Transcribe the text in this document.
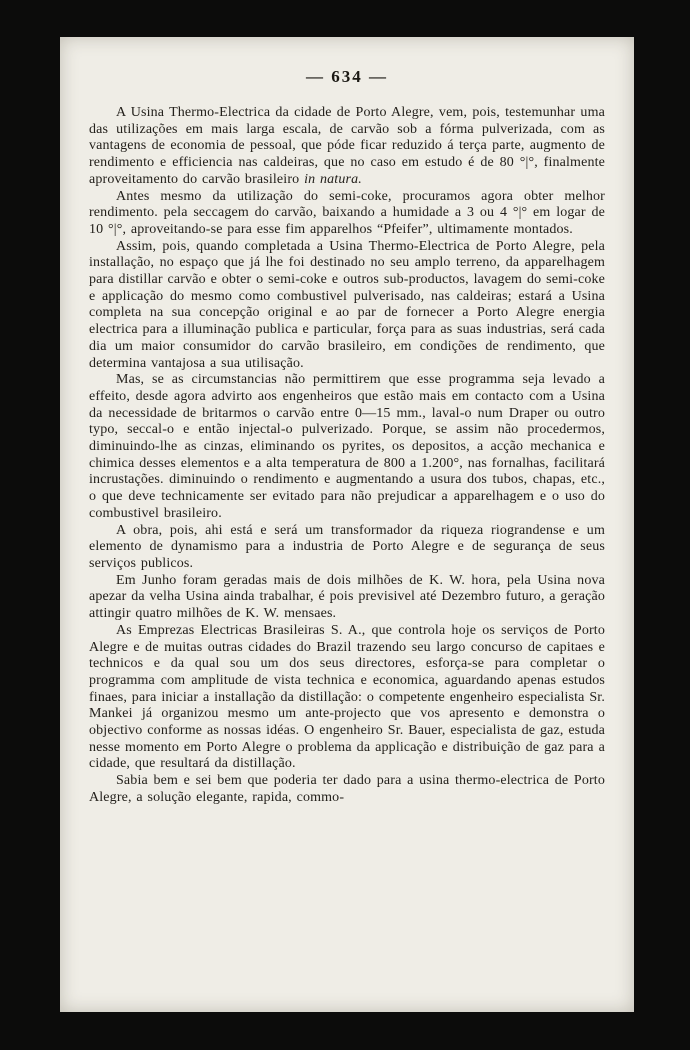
— 634 —

A Usina Thermo-Electrica da cidade de Porto Alegre, vem, pois, testemunhar uma das utilizações em mais larga escala, de carvão sob a fórma pulverizada, com as vantagens de economia de pessoal, que póde ficar reduzido á terça parte, augmento de rendimento e efficiencia nas caldeiras, que no caso em estudo é de 80 °|°, finalmente aproveitamento do carvão brasileiro in natura.

Antes mesmo da utilização do semi-coke, procuramos agora obter melhor rendimento. pela seccagem do carvão, baixando a humidade a 3 ou 4 °|° em logar de 10 °|°, aproveitando-se para esse fim apparelhos “Pfeifer”, ultimamente montados.

Assim, pois, quando completada a Usina Thermo-Electrica de Porto Alegre, pela installação, no espaço que já lhe foi destinado no seu amplo terreno, da apparelhagem para distillar carvão e obter o semi-coke e outros sub-productos, lavagem do semi-coke e applicação do mesmo como combustivel pulverisado, nas caldeiras; estará a Usina completa na sua concepção original e ao par de fornecer a Porto Alegre energia electrica para a illuminação publica e particular, força para as suas industrias, será cada dia um maior consumidor do carvão brasileiro, em condições de rendimento, que determina vantajosa a sua utilisação.

Mas, se as circumstancias não permittirem que esse programma seja levado a effeito, desde agora advirto aos engenheiros que estão mais em contacto com a Usina da necessidade de britarmos o carvão entre 0—15 mm., laval-o num Draper ou outro typo, seccal-o e então injectal-o pulverizado. Porque, se assim não procedermos, diminuindo-lhe as cinzas, eliminando os pyrites, os depositos, a acção mechanica e chimica desses elementos e a alta temperatura de 800 a 1.200°, nas fornalhas, facilitará incrustações. diminuindo o rendimento e augmentando a usura dos tubos, chapas, etc., o que deve technicamente ser evitado para não prejudicar a apparelhagem e o uso do combustivel brasileiro.

A obra, pois, ahi está e será um transformador da riqueza riograndense e um elemento de dynamismo para a industria de Porto Alegre e de segurança de seus serviços publicos.

Em Junho foram geradas mais de dois milhões de K. W. hora, pela Usina nova apezar da velha Usina ainda trabalhar, é pois previsivel até Dezembro futuro, a geração attingir quatro milhões de K. W. mensaes.

As Emprezas Electricas Brasileiras S. A., que controla hoje os serviços de Porto Alegre e de muitas outras cidades do Brazil trazendo seu largo concurso de capitaes e technicos e da qual sou um dos seus directores, esforça-se para completar o programma com amplitude de vista technica e economica, aguardando apenas estudos finaes, para iniciar a installação da distillação: o competente engenheiro especialista Sr. Mankei já organizou mesmo um ante-projecto que vos apresento e demonstra o objectivo conforme as nossas idéas. O engenheiro Sr. Bauer, especialista de gaz, estuda nesse momento em Porto Alegre o problema da applicação e distribuição de gaz para a cidade, que resultará da distillação.

Sabia bem e sei bem que poderia ter dado para a usina thermo-electrica de Porto Alegre, a solução elegante, rapida, commo-
